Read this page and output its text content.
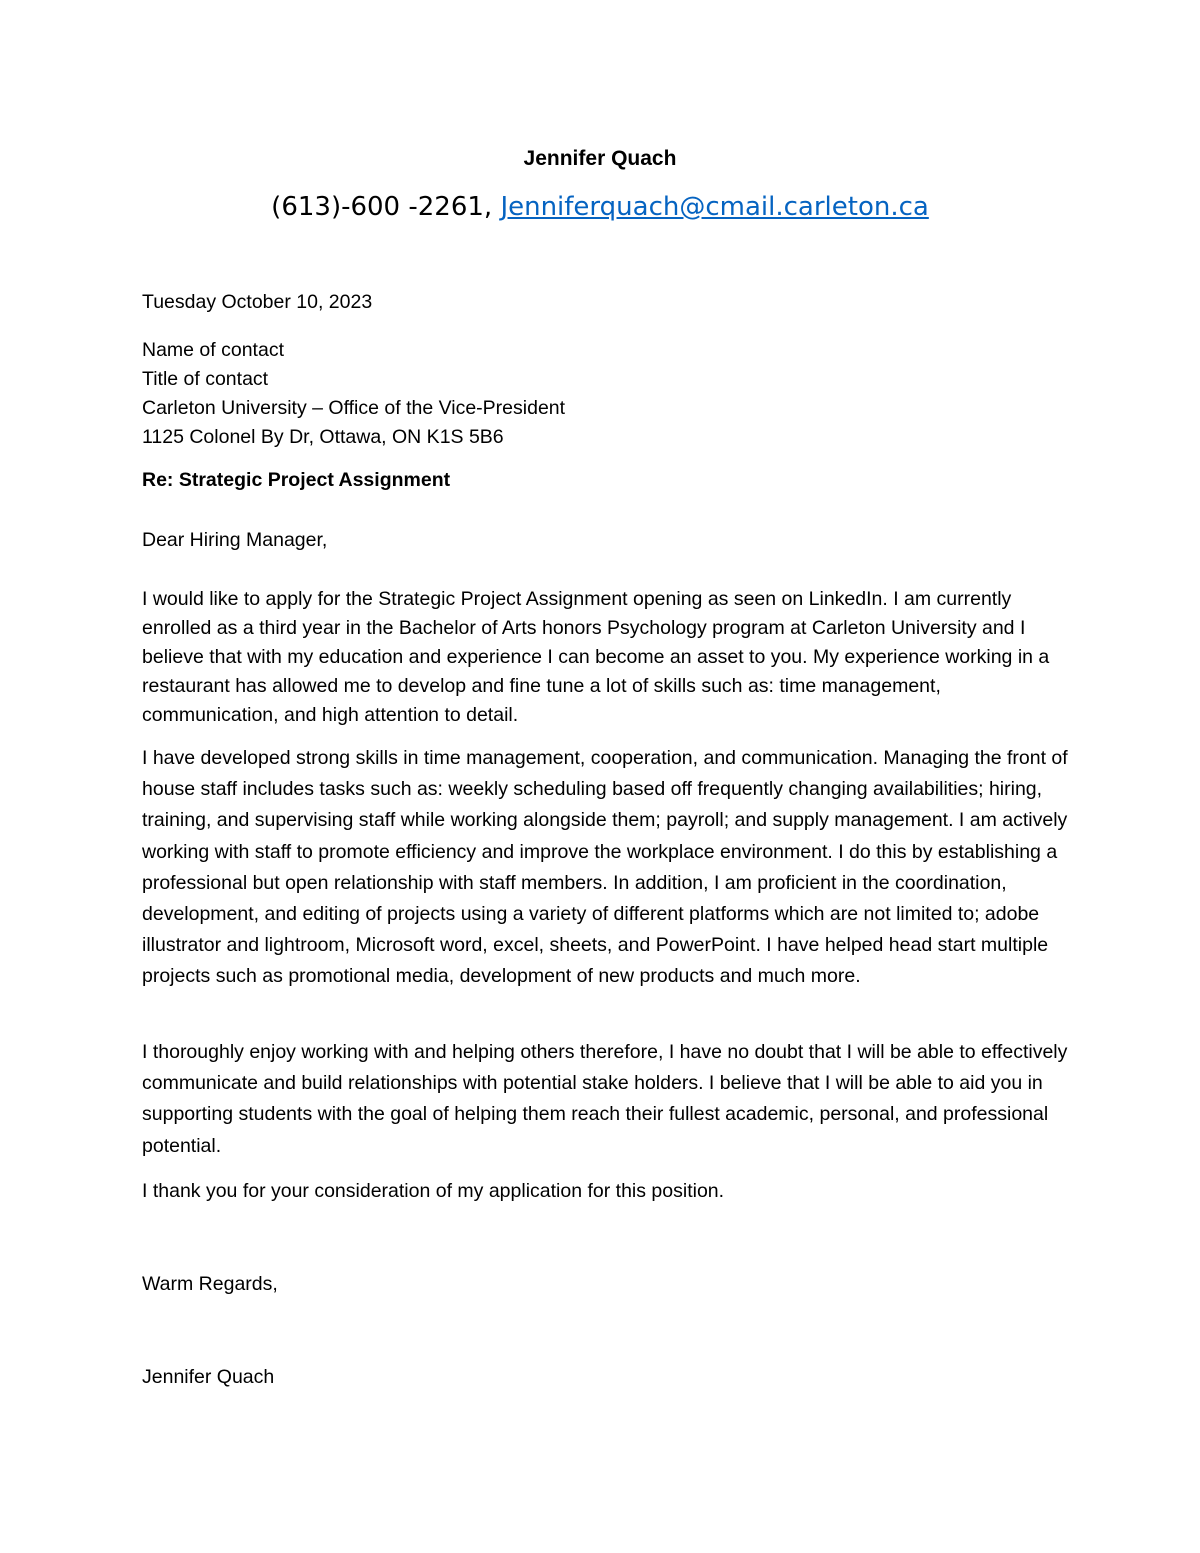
Jennifer Quach
(613)-600 -2261, Jenniferquach@cmail.carleton.ca
Tuesday October 10, 2023
Name of contact
Title of contact
Carleton University – Office of the Vice-President
1125 Colonel By Dr, Ottawa, ON K1S 5B6
Re: Strategic Project Assignment
Dear Hiring Manager,
I would like to apply for the Strategic Project Assignment opening as seen on LinkedIn. I am currently enrolled as a third year in the Bachelor of Arts honors Psychology program at Carleton University and I believe that with my education and experience I can become an asset to you. My experience working in a restaurant has allowed me to develop and fine tune a lot of skills such as: time management, communication, and high attention to detail.
I have developed strong skills in time management, cooperation, and communication. Managing the front of house staff includes tasks such as: weekly scheduling based off frequently changing availabilities; hiring, training, and supervising staff while working alongside them; payroll; and supply management. I am actively working with staff to promote efficiency and improve the workplace environment. I do this by establishing a professional but open relationship with staff members. In addition, I am proficient in the coordination, development, and editing of projects using a variety of different platforms which are not limited to; adobe illustrator and lightroom, Microsoft word, excel, sheets, and PowerPoint. I have helped head start multiple projects such as promotional media, development of new products and much more.
I thoroughly enjoy working with and helping others therefore, I have no doubt that I will be able to effectively communicate and build relationships with potential stake holders. I believe that I will be able to aid you in supporting students with the goal of helping them reach their fullest academic, personal, and professional potential.
I thank you for your consideration of my application for this position.
Warm Regards,
Jennifer Quach
